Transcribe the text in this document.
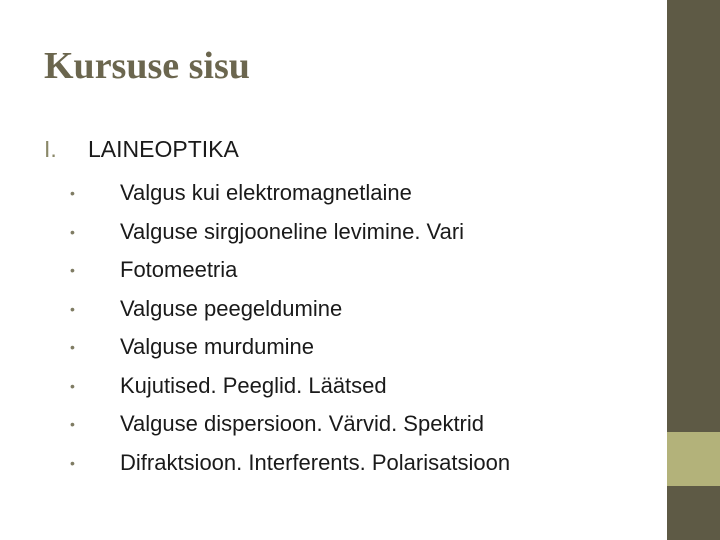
Kursuse sisu
I. LAINEOPTIKA
•	Valgus kui elektromagnetlaine
•	Valguse sirgjooneline levimine. Vari
•	Fotomeetria
•	Valguse peegeldumine
•	Valguse murdumine
•	Kujutised. Peeglid. Läätsed
•	Valguse dispersioon. Värvid. Spektrid
•	Difraktsioon. Interferents. Polarisatsioon
